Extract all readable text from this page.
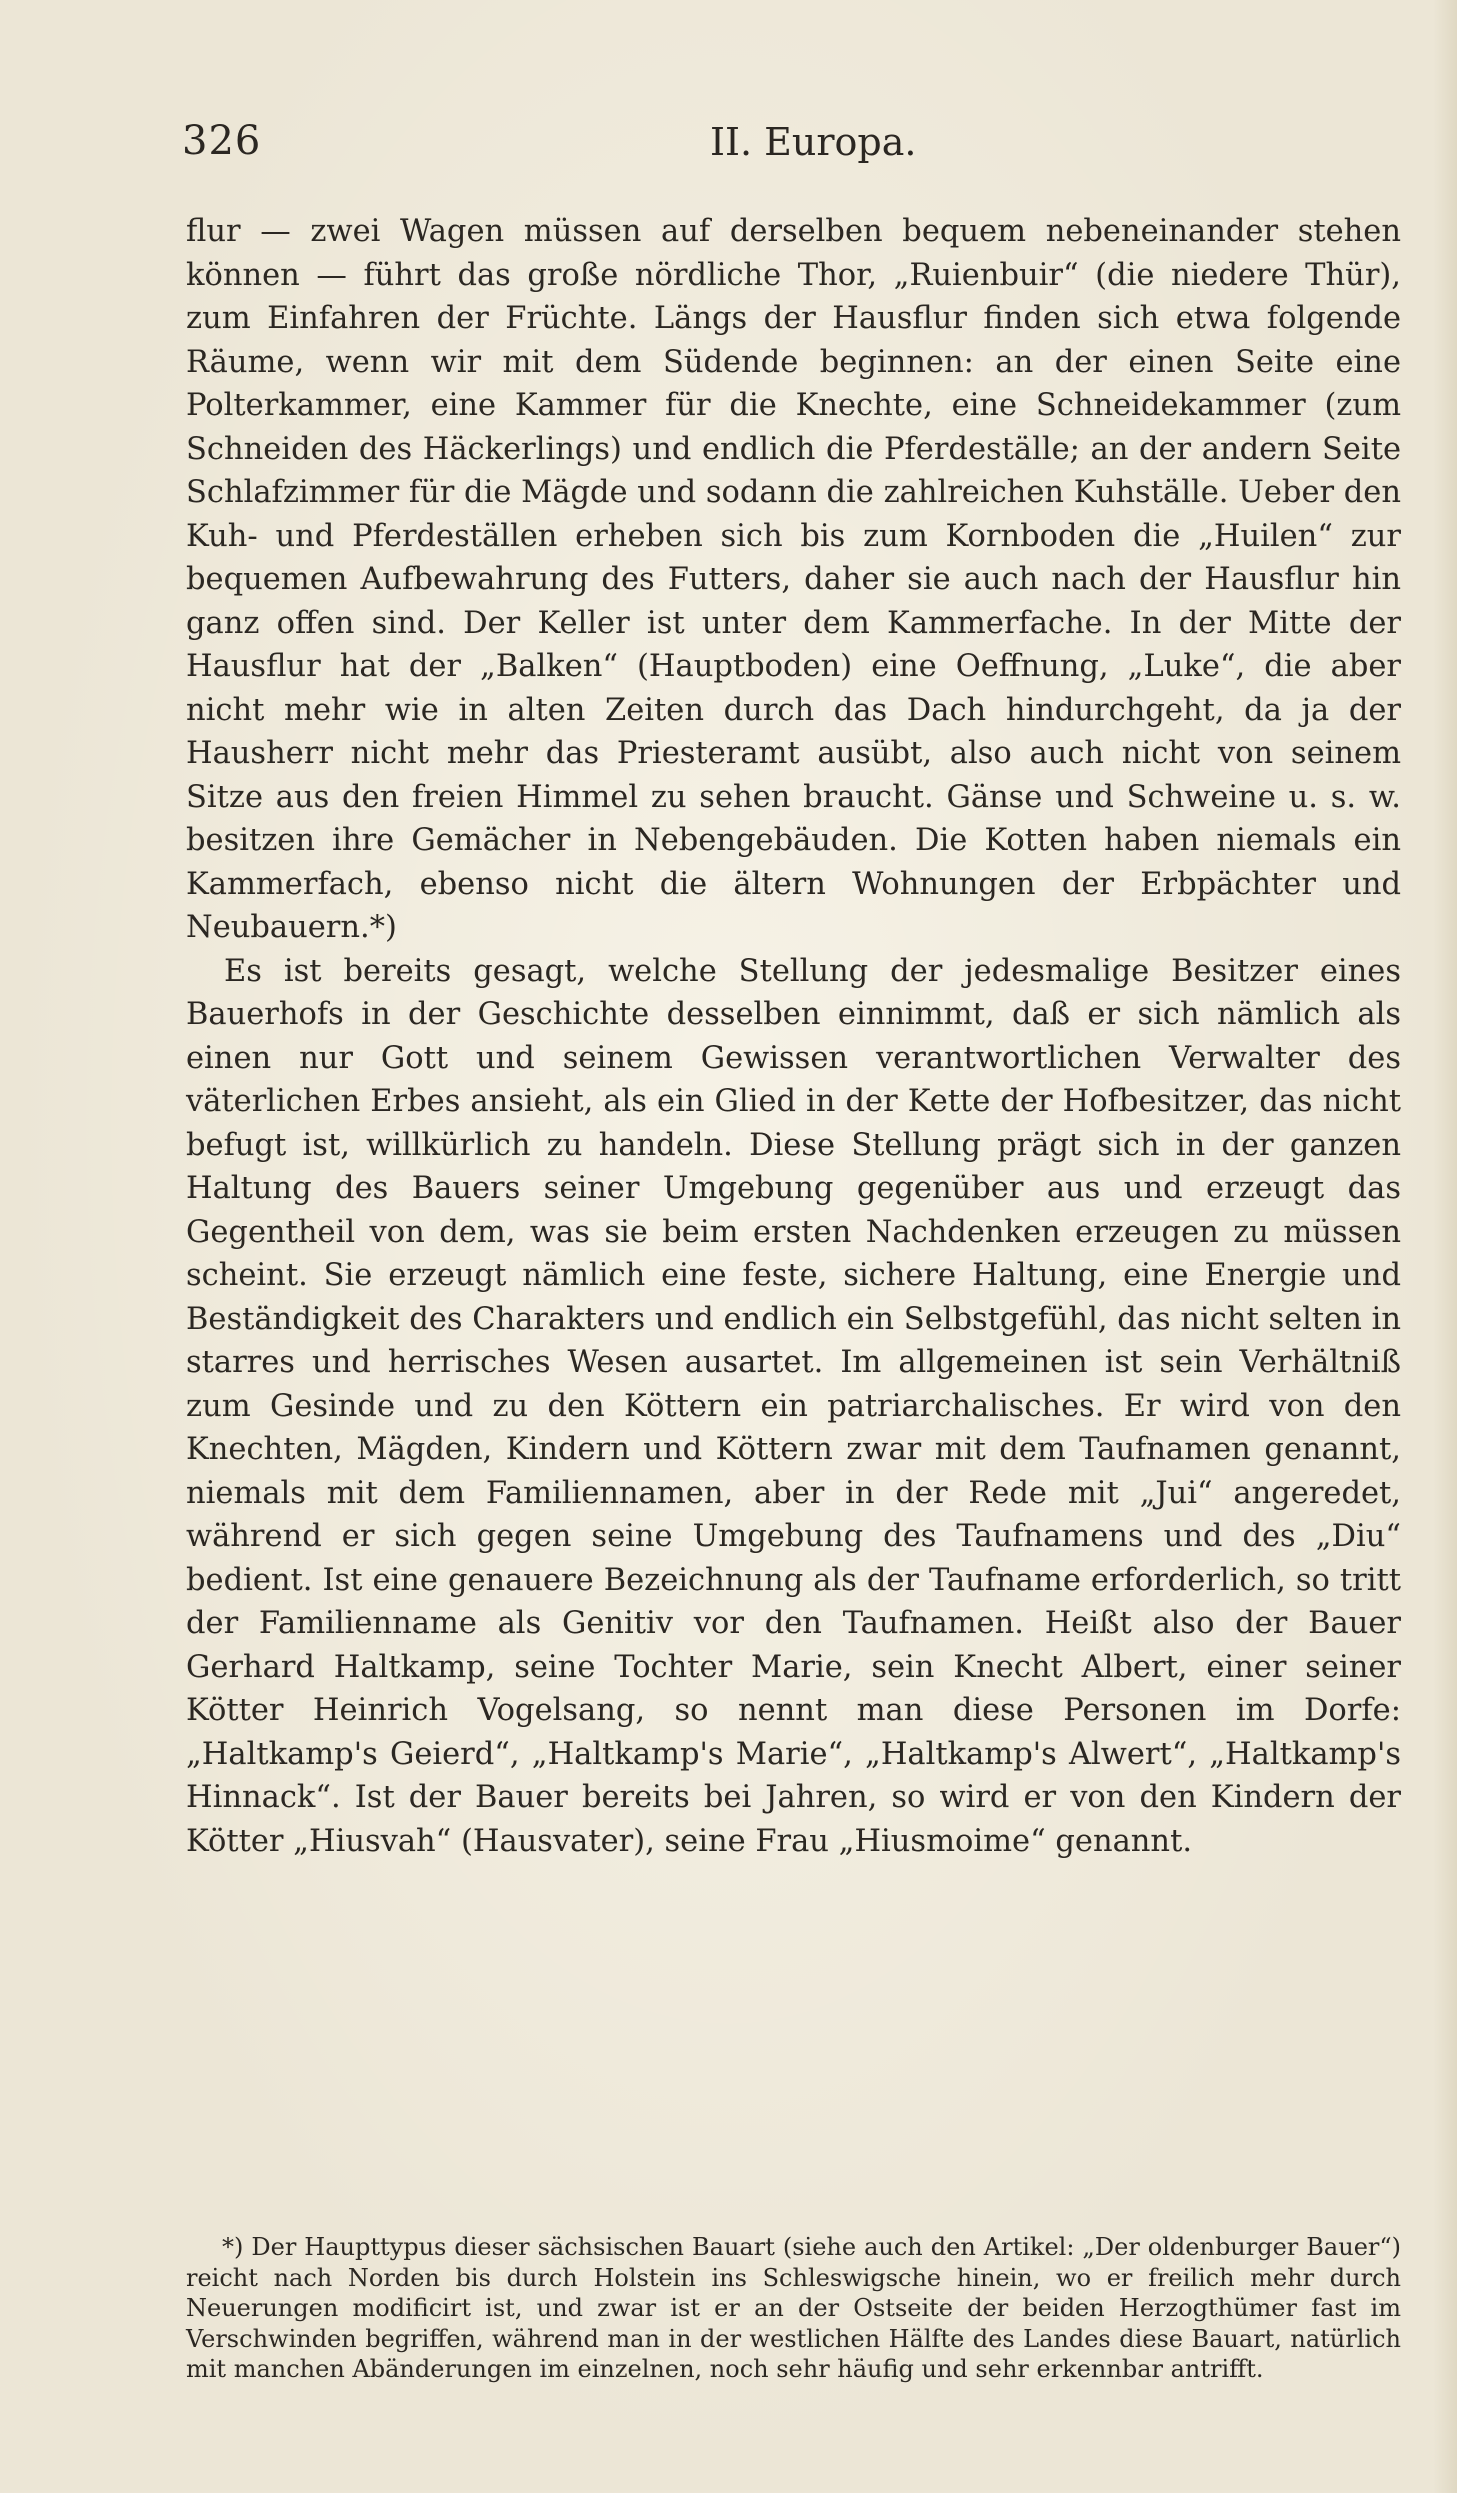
326	II. Europa.

flur — zwei Wagen müssen auf derselben bequem nebeneinander stehen können — führt das große nördliche Thor, „Ruienbuir“ (die niedere Thür), zum Einfahren der Früchte. Längs der Hausflur finden sich etwa folgende Räume, wenn wir mit dem Südende beginnen: an der einen Seite eine Polterkammer, eine Kammer für die Knechte, eine Schneidekammer (zum Schneiden des Häckerlings) und endlich die Pferdeställe; an der andern Seite Schlafzimmer für die Mägde und sodann die zahlreichen Kuhställe. Ueber den Kuh- und Pferdeställen erheben sich bis zum Kornboden die „Huilen“ zur bequemen Aufbewahrung des Futters, daher sie auch nach der Hausflur hin ganz offen sind. Der Keller ist unter dem Kammerfache. In der Mitte der Hausflur hat der „Balken“ (Hauptboden) eine Oeffnung, „Luke“, die aber nicht mehr wie in alten Zeiten durch das Dach hindurchgeht, da ja der Hausherr nicht mehr das Priesteramt ausübt, also auch nicht von seinem Sitze aus den freien Himmel zu sehen braucht. Gänse und Schweine u. s. w. besitzen ihre Gemächer in Nebengebäuden. Die Kotten haben niemals ein Kammerfach, ebenso nicht die ältern Wohnungen der Erbpächter und Neubauern.*)

Es ist bereits gesagt, welche Stellung der jedesmalige Besitzer eines Bauerhofs in der Geschichte desselben einnimmt, daß er sich nämlich als einen nur Gott und seinem Gewissen verantwortlichen Verwalter des väterlichen Erbes ansieht, als ein Glied in der Kette der Hofbesitzer, das nicht befugt ist, willkürlich zu handeln. Diese Stellung prägt sich in der ganzen Haltung des Bauers seiner Umgebung gegenüber aus und erzeugt das Gegentheil von dem, was sie beim ersten Nachdenken erzeugen zu müssen scheint. Sie erzeugt nämlich eine feste, sichere Haltung, eine Energie und Beständigkeit des Charakters und endlich ein Selbstgefühl, das nicht selten in starres und herrisches Wesen ausartet. Im allgemeinen ist sein Verhältniß zum Gesinde und zu den Köttern ein patriarchalisches. Er wird von den Knechten, Mägden, Kindern und Köttern zwar mit dem Taufnamen genannt, niemals mit dem Familiennamen, aber in der Rede mit „Jui“ angeredet, während er sich gegen seine Umgebung des Taufnamens und des „Diu“ bedient. Ist eine genauere Bezeichnung als der Taufname erforderlich, so tritt der Familienname als Genitiv vor den Taufnamen. Heißt also der Bauer Gerhard Haltkamp, seine Tochter Marie, sein Knecht Albert, einer seiner Kötter Heinrich Vogelsang, so nennt man diese Personen im Dorfe: „Haltkamp's Geierd“, „Haltkamp's Marie“, „Haltkamp's Alwert“, „Haltkamp's Hinnack“. Ist der Bauer bereits bei Jahren, so wird er von den Kindern der Kötter „Hiusvah“ (Hausvater), seine Frau „Hiusmoime“ genannt.

*) Der Haupttypus dieser sächsischen Bauart (siehe auch den Artikel: „Der oldenburger Bauer“) reicht nach Norden bis durch Holstein ins Schleswigsche hinein, wo er freilich mehr durch Neuerungen modificirt ist, und zwar ist er an der Ostseite der beiden Herzogthümer fast im Verschwinden begriffen, während man in der westlichen Hälfte des Landes diese Bauart, natürlich mit manchen Abänderungen im einzelnen, noch sehr häufig und sehr erkennbar antrifft.
